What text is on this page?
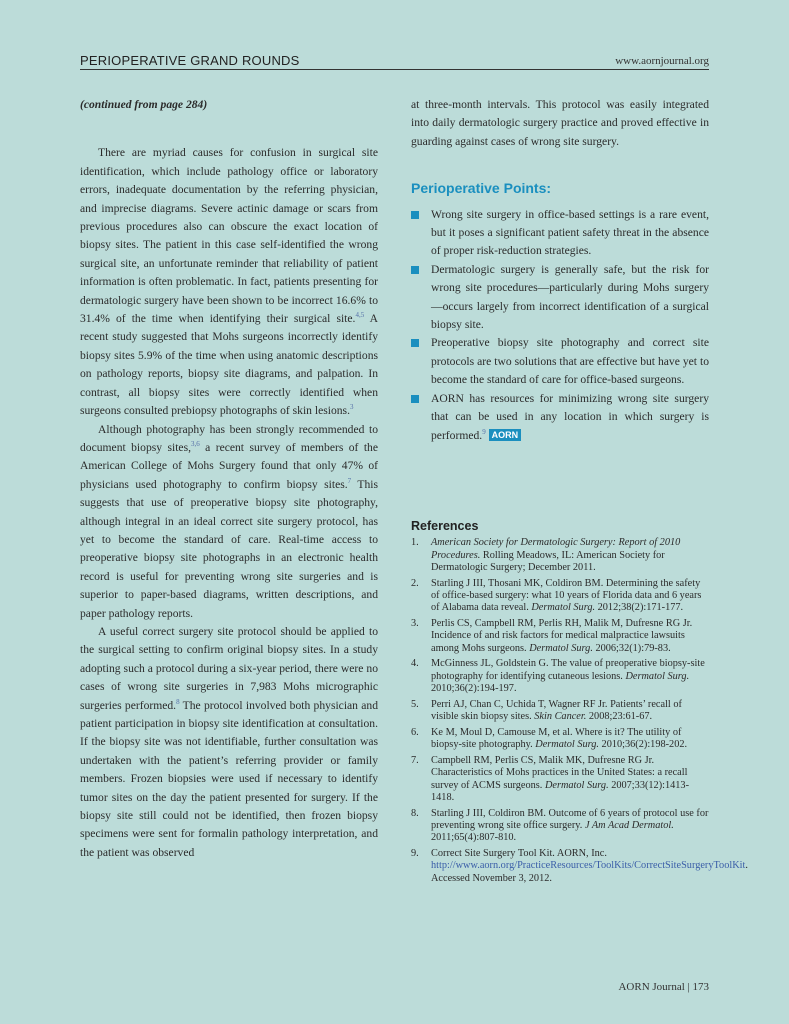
PERIOPERATIVE GRAND ROUNDS	www.aornjournal.org
(continued from page 284)

There are myriad causes for confusion in surgical site identification, which include pathology office or laboratory errors, inadequate documentation by the referring physician, and imprecise diagrams. Severe actinic damage or scars from previous procedures also can obscure the exact location of biopsy sites. The patient in this case self-identified the wrong surgical site, an unfortunate reminder that reliability of patient information is often problematic. In fact, patients presenting for dermatologic surgery have been shown to be incorrect 16.6% to 31.4% of the time when identifying their surgical site.$^{4,5}$ A recent study suggested that Mohs surgeons incorrectly identify biopsy sites 5.9% of the time when using anatomic descriptions on pathology reports, biopsy site diagrams, and palpation. In contrast, all biopsy sites were correctly identified when surgeons consulted prebiopsy photographs of skin lesions.$^3$

Although photography has been strongly recommended to document biopsy sites,$^{3,6}$ a recent survey of members of the American College of Mohs Surgery found that only 47% of physicians used photography to confirm biopsy sites.$^7$ This suggests that use of preoperative biopsy site photography, although integral in an ideal correct site surgery protocol, has yet to become the standard of care. Real-time access to preoperative biopsy site photographs in an electronic health record is useful for preventing wrong site surgeries and is superior to paper-based diagrams, written descriptions, and paper pathology reports.

A useful correct surgery site protocol should be applied to the surgical setting to confirm original biopsy sites. In a study adopting such a protocol during a six-year period, there were no cases of wrong site surgeries in 7,983 Mohs micrographic surgeries performed.$^8$ The protocol involved both physician and patient participation in biopsy site identification at consultation. If the biopsy site was not identifiable, further consultation was undertaken with the patient’s referring provider or family members. Frozen biopsies were used if necessary to identify tumor sites on the day the patient presented for surgery. If the biopsy site still could not be identified, then frozen biopsy specimens were sent for formalin pathology interpretation, and the patient was observed

at three-month intervals. This protocol was easily integrated into daily dermatologic surgery practice and proved effective in guarding against cases of wrong site surgery.

Perioperative Points:
Wrong site surgery in office-based settings is a rare event, but it poses a significant patient safety threat in the absence of proper risk-reduction strategies.
Dermatologic surgery is generally safe, but the risk for wrong site procedures—particularly during Mohs surgery—occurs largely from incorrect identification of a surgical biopsy site.
Preoperative biopsy site photography and correct site protocols are two solutions that are effective but have yet to become the standard of care for office-based surgeons.
AORN has resources for minimizing wrong site surgery that can be used in any location in which surgery is performed.$^9$ AORN
References
1. American Society for Dermatologic Surgery: Report of 2010 Procedures. Rolling Meadows, IL: American Society for Dermatologic Surgery; December 2011.
2. Starling J III, Thosani MK, Coldiron BM. Determining the safety of office-based surgery: what 10 years of Florida data and 6 years of Alabama data reveal. Dermatol Surg. 2012;38(2):171-177.
3. Perlis CS, Campbell RM, Perlis RH, Malik M, Dufresne RG Jr. Incidence of and risk factors for medical malpractice lawsuits among Mohs surgeons. Dermatol Surg. 2006;32(1):79-83.
4. McGinness JL, Goldstein G. The value of preoperative biopsy-site photography for identifying cutaneous lesions. Dermatol Surg. 2010;36(2):194-197.
5. Perri AJ, Chan C, Uchida T, Wagner RF Jr. Patients’ recall of visible skin biopsy sites. Skin Cancer. 2008;23:61-67.
6. Ke M, Moul D, Camouse M, et al. Where is it? The utility of biopsy-site photography. Dermatol Surg. 2010;36(2):198-202.
7. Campbell RM, Perlis CS, Malik MK, Dufresne RG Jr. Characteristics of Mohs practices in the United States: a recall survey of ACMS surgeons. Dermatol Surg. 2007;33(12):1413-1418.
8. Starling J III, Coldiron BM. Outcome of 6 years of protocol use for preventing wrong site office surgery. J Am Acad Dermatol. 2011;65(4):807-810.
9. Correct Site Surgery Tool Kit. AORN, Inc. http://www.aorn.org/PracticeResources/ToolKits/CorrectSiteSurgeryToolKit. Accessed November 3, 2012.
AORN Journal | 173
